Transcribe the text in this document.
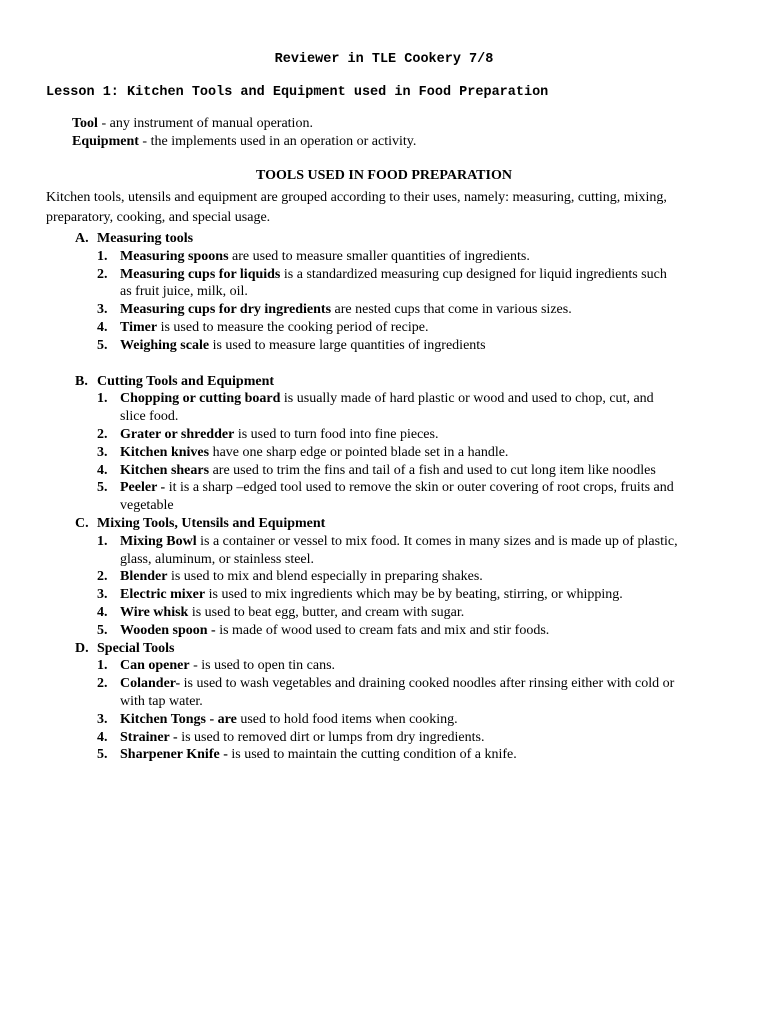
Reviewer in TLE Cookery 7/8
Lesson 1: Kitchen Tools and Equipment used in Food Preparation
Tool - any instrument of manual operation.
Equipment - the implements used in an operation or activity.
TOOLS USED IN FOOD PREPARATION
Kitchen tools, utensils and equipment are grouped according to their uses, namely: measuring, cutting, mixing, preparatory, cooking, and special usage.
A. Measuring tools
1. Measuring spoons are used to measure smaller quantities of ingredients.
2. Measuring cups for liquids is a standardized measuring cup designed for liquid ingredients such as fruit juice, milk, oil.
3. Measuring cups for dry ingredients are nested cups that come in various sizes.
4. Timer is used to measure the cooking period of recipe.
5. Weighing scale is used to measure large quantities of ingredients
B. Cutting Tools and Equipment
1. Chopping or cutting board is usually made of hard plastic or wood and used to chop, cut, and slice food.
2. Grater or shredder is used to turn food into fine pieces.
3. Kitchen knives have one sharp edge or pointed blade set in a handle.
4. Kitchen shears are used to trim the fins and tail of a fish and used to cut long item like noodles
5. Peeler - it is a sharp –edged tool used to remove the skin or outer covering of root crops, fruits and vegetable
C. Mixing Tools, Utensils and Equipment
1. Mixing Bowl is a container or vessel to mix food. It comes in many sizes and is made up of plastic, glass, aluminum, or stainless steel.
2. Blender is used to mix and blend especially in preparing shakes.
3. Electric mixer is used to mix ingredients which may be by beating, stirring, or whipping.
4. Wire whisk is used to beat egg, butter, and cream with sugar.
5. Wooden spoon - is made of wood used to cream fats and mix and stir foods.
D. Special Tools
1. Can opener - is used to open tin cans.
2. Colander- is used to wash vegetables and draining cooked noodles after rinsing either with cold or with tap water.
3. Kitchen Tongs - are used to hold food items when cooking.
4. Strainer - is used to removed dirt or lumps from dry ingredients.
5. Sharpener Knife - is used to maintain the cutting condition of a knife.
